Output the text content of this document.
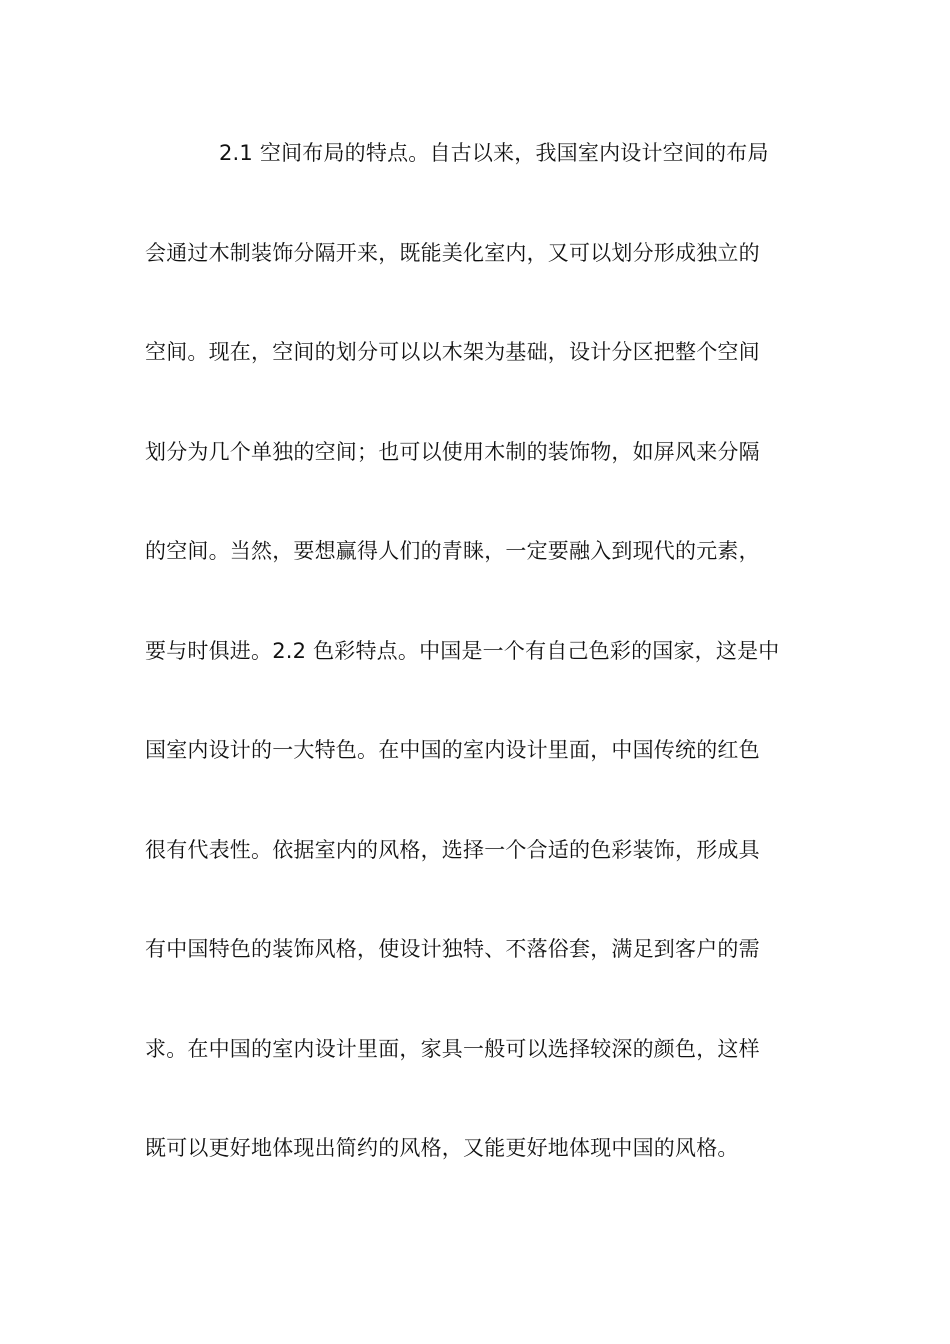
2.1 空间布局的特点。自古以来，我国室内设计空间的布局
会通过木制装饰分隔开来，既能美化室内，又可以划分形成独立的
空间。现在，空间的划分可以以木架为基础，设计分区把整个空间
划分为几个单独的空间；也可以使用木制的装饰物，如屏风来分隔
的空间。当然，要想赢得人们的青睐，一定要融入到现代的元素，
要与时俱进。2.2 色彩特点。中国是一个有自己色彩的国家，这是中
国室内设计的一大特色。在中国的室内设计里面，中国传统的红色
很有代表性。依据室内的风格，选择一个合适的色彩装饰，形成具
有中国特色的装饰风格，使设计独特、不落俗套，满足到客户的需
求。在中国的室内设计里面，家具一般可以选择较深的颜色，这样
既可以更好地体现出简约的风格，又能更好地体现中国的风格。
